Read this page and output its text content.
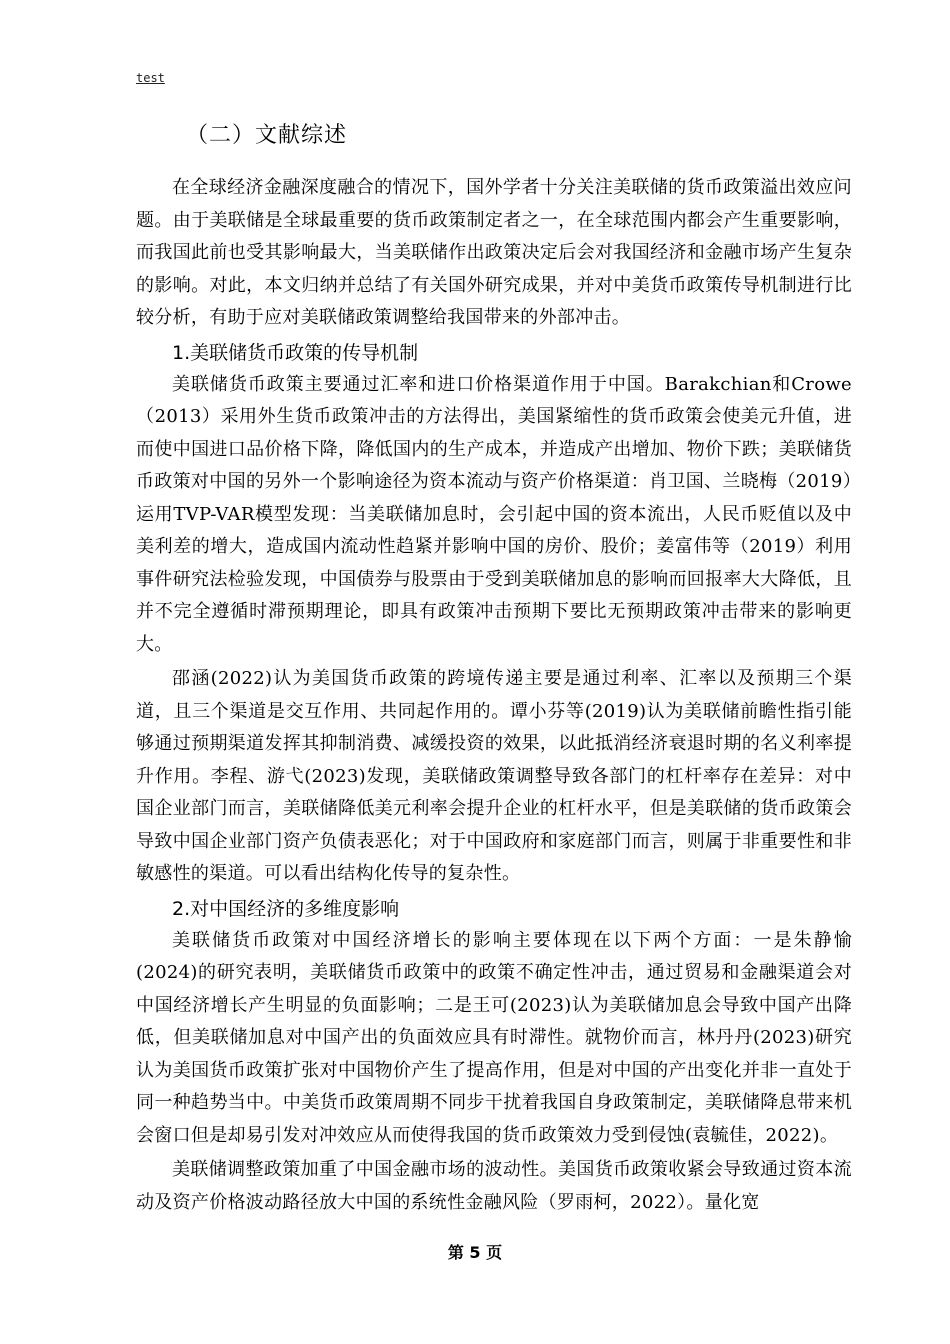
test
（二）文献综述

在全球经济金融深度融合的情况下，国外学者十分关注美联储的货币政策溢出效应问题。由于美联储是全球最重要的货币政策制定者之一，在全球范围内都会产生重要影响，而我国此前也受其影响最大，当美联储作出政策决定后会对我国经济和金融市场产生复杂的影响。对此，本文归纳并总结了有关国外研究成果，并对中美货币政策传导机制进行比较分析，有助于应对美联储政策调整给我国带来的外部冲击。

1.美联储货币政策的传导机制

美联储货币政策主要通过汇率和进口价格渠道作用于中国。Barakchian和Crowe（2013）采用外生货币政策冲击的方法得出，美国紧缩性的货币政策会使美元升值，进而使中国进口品价格下降，降低国内的生产成本，并造成产出增加、物价下跌；美联储货币政策对中国的另外一个影响途径为资本流动与资产价格渠道：肖卫国、兰晓梅（2019）运用TVP-VAR模型发现：当美联储加息时，会引起中国的资本流出，人民币贬值以及中美利差的增大，造成国内流动性趋紧并影响中国的房价、股价；姜富伟等（2019）利用事件研究法检验发现，中国债券与股票由于受到美联储加息的影响而回报率大大降低，且并不完全遵循时滞预期理论，即具有政策冲击预期下要比无预期政策冲击带来的影响更大。

邵涵(2022)认为美国货币政策的跨境传递主要是通过利率、汇率以及预期三个渠道，且三个渠道是交互作用、共同起作用的。谭小芬等(2019)认为美联储前瞻性指引能够通过预期渠道发挥其抑制消费、减缓投资的效果，以此抵消经济衰退时期的名义利率提升作用。李程、游弋(2023)发现，美联储政策调整导致各部门的杠杆率存在差异：对中国企业部门而言，美联储降低美元利率会提升企业的杠杆水平，但是美联储的货币政策会导致中国企业部门资产负债表恶化；对于中国政府和家庭部门而言，则属于非重要性和非敏感性的渠道。可以看出结构化传导的复杂性。

2.对中国经济的多维度影响

美联储货币政策对中国经济增长的影响主要体现在以下两个方面：一是朱静愉(2024)的研究表明，美联储货币政策中的政策不确定性冲击，通过贸易和金融渠道会对中国经济增长产生明显的负面影响；二是王可(2023)认为美联储加息会导致中国产出降低，但美联储加息对中国产出的负面效应具有时滞性。就物价而言，林丹丹(2023)研究认为美国货币政策扩张对中国物价产生了提高作用，但是对中国的产出变化并非一直处于同一种趋势当中。中美货币政策周期不同步干扰着我国自身政策制定，美联储降息带来机会窗口但是却易引发对冲效应从而使得我国的货币政策效力受到侵蚀(袁毓佳，2022)。

美联储调整政策加重了中国金融市场的波动性。美国货币政策收紧会导致通过资本流动及资产价格波动路径放大中国的系统性金融风险（罗雨柯，2022）。量化宽

第 5 页
